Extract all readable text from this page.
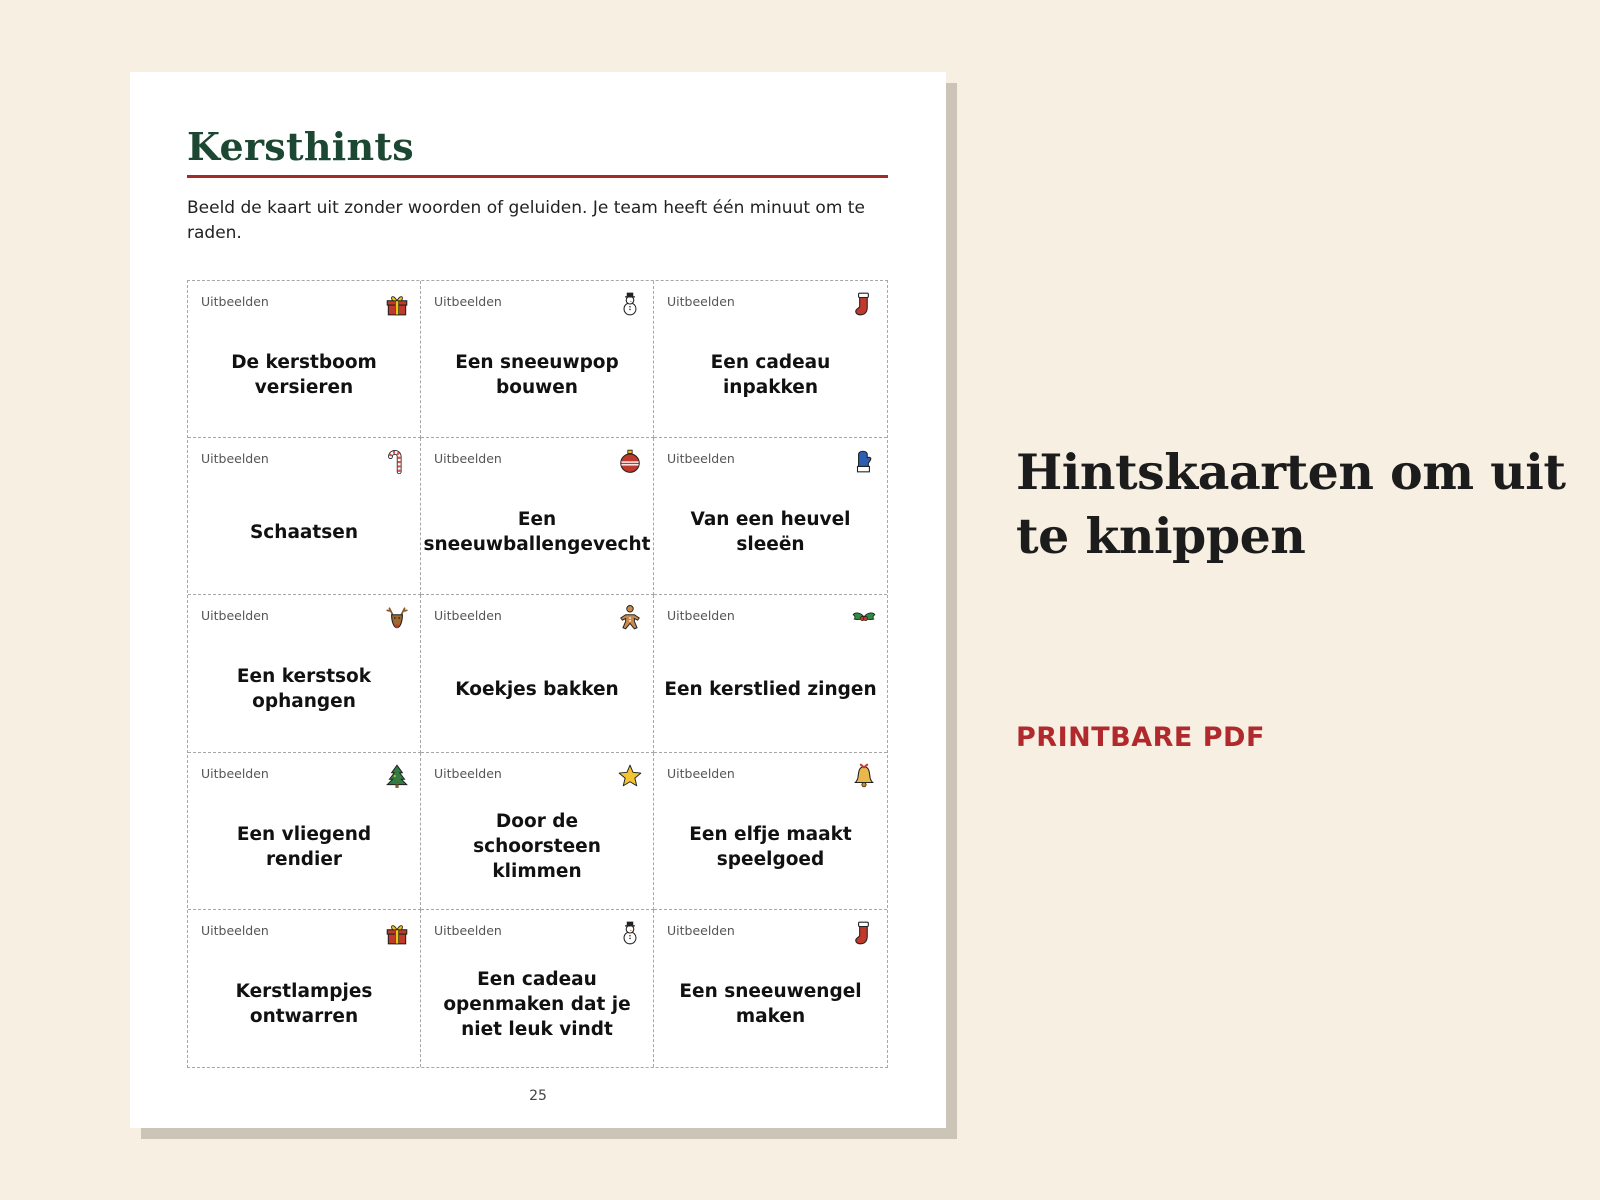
Kersthints
Beeld de kaart uit zonder woorden of geluiden. Je team heeft één minuut om te raden.
Uitbeelden
De kerstboom versieren
Uitbeelden
Een sneeuwpop bouwen
Uitbeelden
Een cadeau inpakken
Uitbeelden
Schaatsen
Uitbeelden
Een sneeuwballengevecht
Uitbeelden
Van een heuvel sleeën
Uitbeelden
Een kerstsok ophangen
Uitbeelden
Koekjes bakken
Uitbeelden
Een kerstlied zingen
Uitbeelden
Een vliegend rendier
Uitbeelden
Door de schoorsteen klimmen
Uitbeelden
Een elfje maakt speelgoed
Uitbeelden
Kerstlampjes ontwarren
Uitbeelden
Een cadeau openmaken dat je niet leuk vindt
Uitbeelden
Een sneeuwengel maken
25
Hintskaarten om uit te knippen
PRINTBARE PDF
